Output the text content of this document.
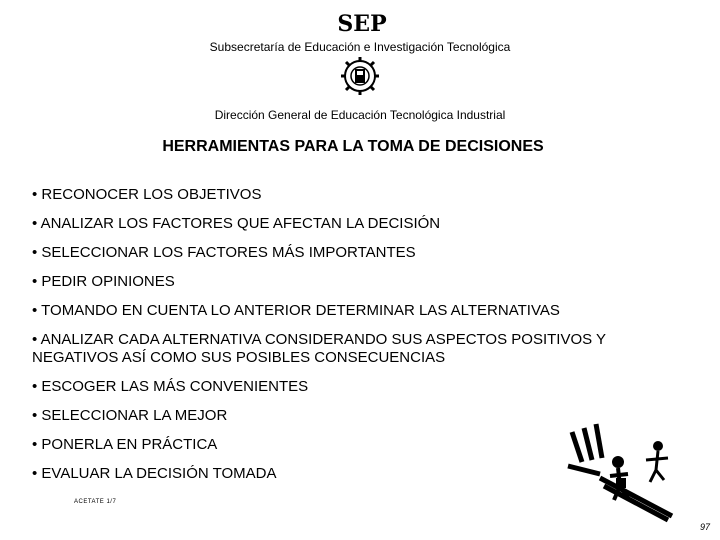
SEP
Subsecretaría de Educación e Investigación Tecnológica
Dirección General de Educación Tecnológica Industrial
HERRAMIENTAS PARA LA TOMA DE DECISIONES
• RECONOCER LOS OBJETIVOS
• ANALIZAR LOS FACTORES QUE AFECTAN LA DECISIÓN
• SELECCIONAR LOS FACTORES MÁS IMPORTANTES
• PEDIR OPINIONES
• TOMANDO EN CUENTA LO ANTERIOR DETERMINAR LAS ALTERNATIVAS
• ANALIZAR CADA ALTERNATIVA CONSIDERANDO SUS ASPECTOS POSITIVOS Y NEGATIVOS ASÍ COMO SUS POSIBLES CONSECUENCIAS
• ESCOGER LAS MÁS CONVENIENTES
• SELECCIONAR LA MEJOR
• PONERLA EN PRÁCTICA
• EVALUAR LA DECISIÓN TOMADA
ACETATE 1/7
97
